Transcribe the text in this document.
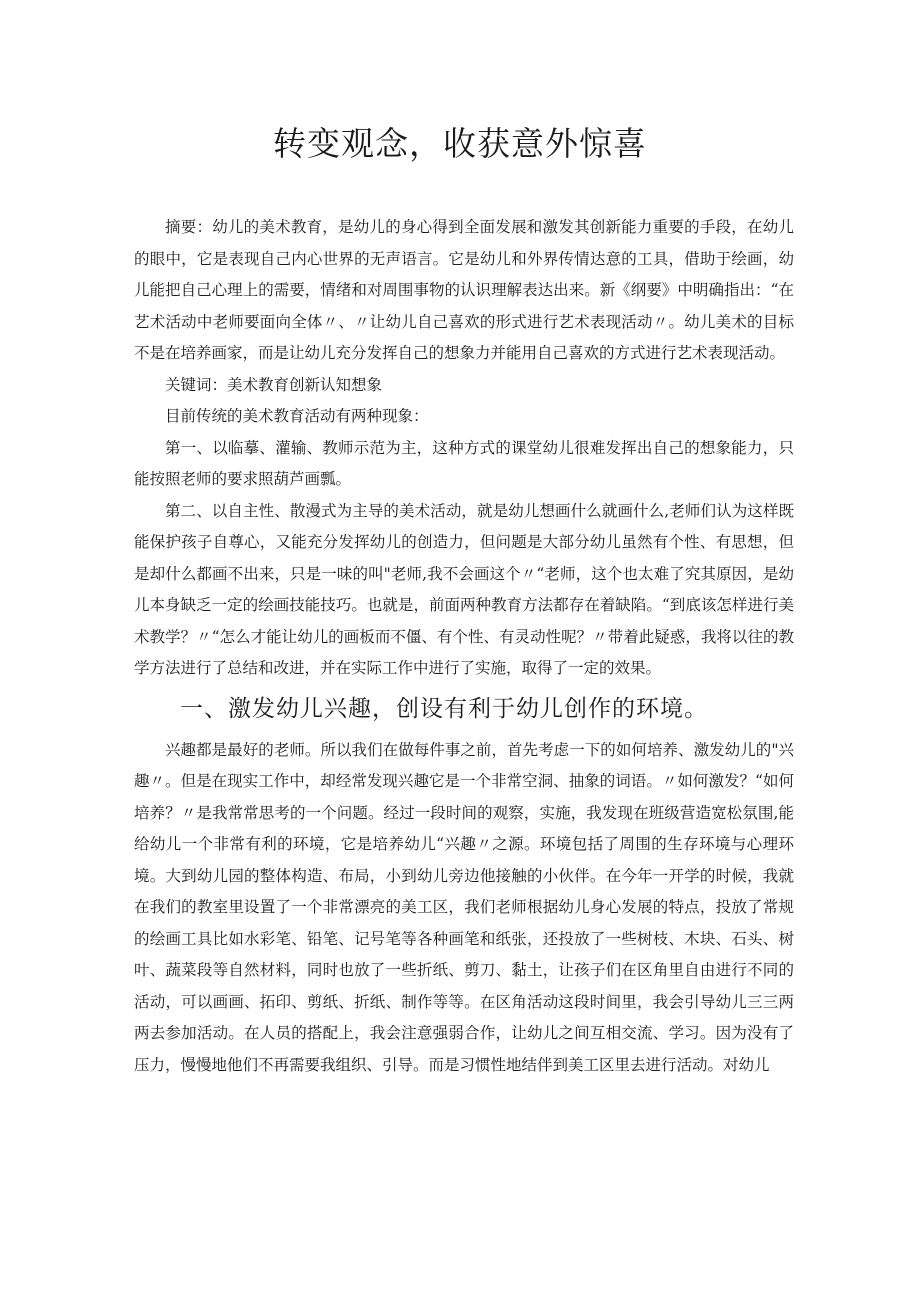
转变观念，收获意外惊喜

摘要：幼儿的美术教育，是幼儿的身心得到全面发展和激发其创新能力重要的手段，在幼儿的眼中，它是表现自己内心世界的无声语言。它是幼儿和外界传情达意的工具，借助于绘画，幼儿能把自己心理上的需要，情绪和对周围事物的认识理解表达出来。新《纲要》中明确指出：“在艺术活动中老师要面向全体〃、〃让幼儿自己喜欢的形式进行艺术表现活动〃。幼儿美术的目标不是在培养画家，而是让幼儿充分发挥自己的想象力并能用自己喜欢的方式进行艺术表现活动。

关键词：美术教育创新认知想象

目前传统的美术教育活动有两种现象：

第一、以临摹、灌输、教师示范为主，这种方式的课堂幼儿很难发挥出自己的想象能力，只能按照老师的要求照葫芦画瓢。

第二、以自主性、散漫式为主导的美术活动，就是幼儿想画什么就画什么,老师们认为这样既能保护孩子自尊心，又能充分发挥幼儿的创造力，但问题是大部分幼儿虽然有个性、有思想，但是却什么都画不出来，只是一味的叫"老师,我不会画这个〃“老师，这个也太难了究其原因，是幼儿本身缺乏一定的绘画技能技巧。也就是，前面两种教育方法都存在着缺陷。“到底该怎样进行美术教学？〃“怎么才能让幼儿的画板而不僵、有个性、有灵动性呢？〃带着此疑惑，我将以往的教学方法进行了总结和改进，并在实际工作中进行了实施，取得了一定的效果。

一、激发幼儿兴趣，创设有利于幼儿创作的环境。

兴趣都是最好的老师。所以我们在做每件事之前，首先考虑一下的如何培养、激发幼儿的"兴趣〃。但是在现实工作中，却经常发现兴趣它是一个非常空洞、抽象的词语。〃如何激发？“如何培养？〃是我常常思考的一个问题。经过一段时间的观察，实施，我发现在班级营造宽松氛围,能给幼儿一个非常有利的环境，它是培养幼儿“兴趣〃之源。环境包括了周围的生存环境与心理环境。大到幼儿园的整体构造、布局，小到幼儿旁边他接触的小伙伴。在今年一开学的时候，我就在我们的教室里设置了一个非常漂亮的美工区，我们老师根据幼儿身心发展的特点，投放了常规的绘画工具比如水彩笔、铅笔、记号笔等各种画笔和纸张，还投放了一些树枝、木块、石头、树叶、蔬菜段等自然材料，同时也放了一些折纸、剪刀、黏土，让孩子们在区角里自由进行不同的活动，可以画画、拓印、剪纸、折纸、制作等等。在区角活动这段时间里，我会引导幼儿三三两两去参加活动。在人员的搭配上，我会注意强弱合作，让幼儿之间互相交流、学习。因为没有了压力，慢慢地他们不再需要我组织、引导。而是习惯性地结伴到美工区里去进行活动。对幼儿
